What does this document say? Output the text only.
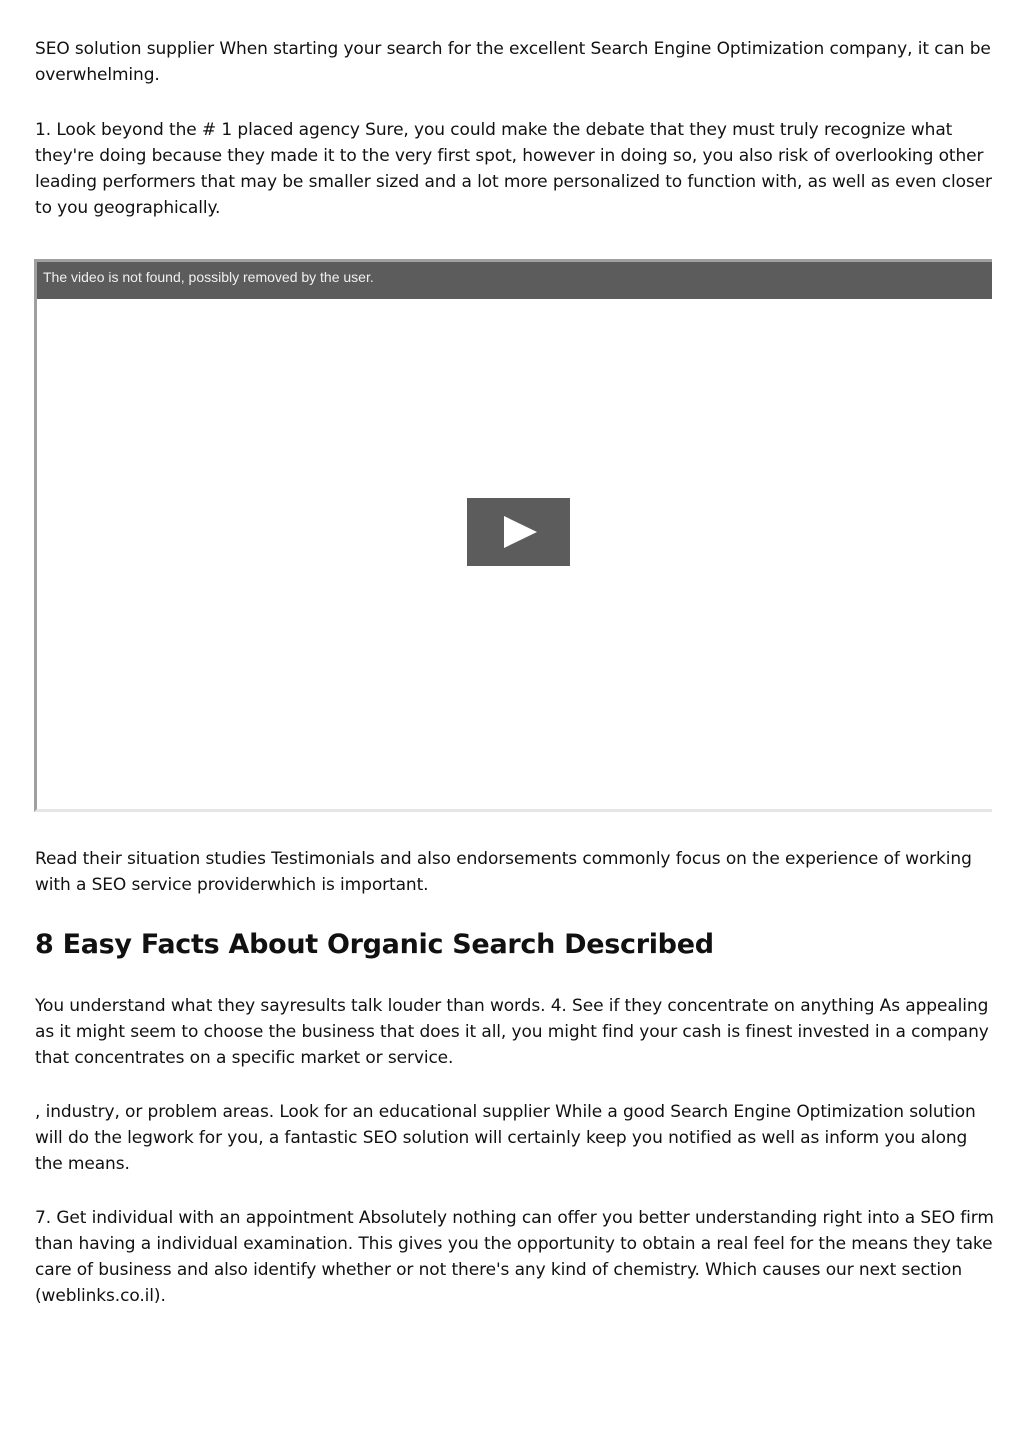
SEO solution supplier When starting your search for the excellent Search Engine Optimization company, it can be overwhelming.

1. Look beyond the # 1 placed agency Sure, you could make the debate that they must truly recognize what they're doing because they made it to the very first spot, however in doing so, you also risk of overlooking other leading performers that may be smaller sized and a lot more personalized to function with, as well as even closer to you geographically.

The video is not found, possibly removed by the user.

Read their situation studies Testimonials and also endorsements commonly focus on the experience of working with a SEO service providerwhich is important.

8 Easy Facts About Organic Search Described

You understand what they sayresults talk louder than words. 4. See if they concentrate on anything As appealing as it might seem to choose the business that does it all, you might find your cash is finest invested in a company that concentrates on a specific market or service.

, industry, or problem areas. Look for an educational supplier While a good Search Engine Optimization solution will do the legwork for you, a fantastic SEO solution will certainly keep you notified as well as inform you along the means.

7. Get individual with an appointment Absolutely nothing can offer you better understanding right into a SEO firm than having a individual examination. This gives you the opportunity to obtain a real feel for the means they take care of business and also identify whether or not there's any kind of chemistry. Which causes our next section (weblinks.co.il).
